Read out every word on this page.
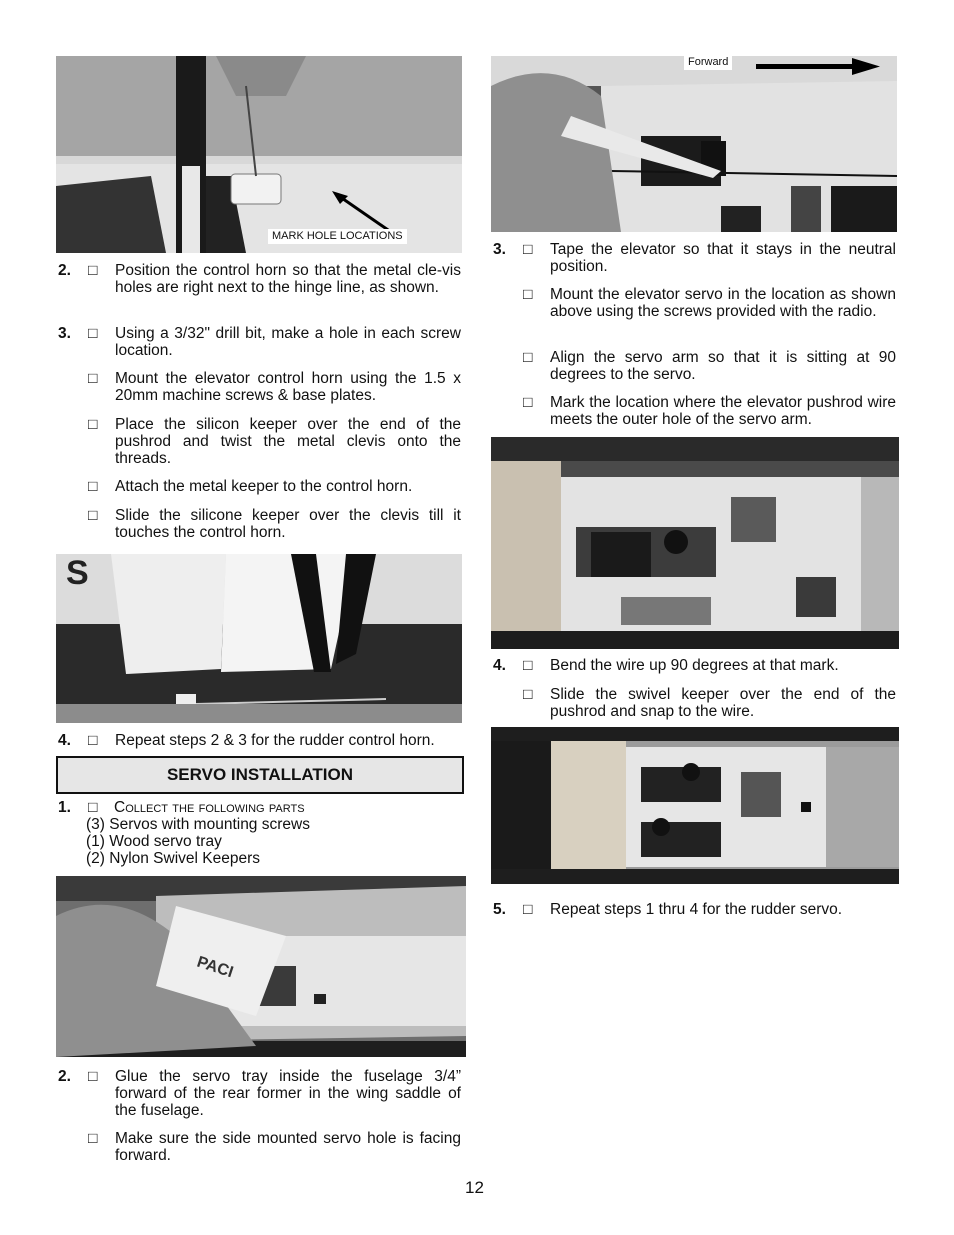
MARK HOLE LOCATIONS
2. □ Position the control horn so that the metal cle-vis holes are right next to the hinge line, as shown.
3. □ Using a 3/32" drill bit, make a hole in each screw location.
□ Mount the elevator control horn using the 1.5 x 20mm machine screws & base plates.
□ Place the silicon keeper over the end of the pushrod and twist the metal clevis onto the threads.
□ Attach the metal keeper to the control horn.
□ Slide the silicone keeper over the clevis till it touches the control horn.
S
4. □ Repeat steps 2 & 3 for the rudder control horn.
SERVO INSTALLATION
1. □ Collect the following parts
(3) Servos with mounting screws
(1) Wood servo tray
(2) Nylon Swivel Keepers
PACI
2. □ Glue the servo tray inside the fuselage 3/4” forward of the rear former in the wing saddle of the fuselage.
□ Make sure the side mounted servo hole is facing forward.
Forward
3. □ Tape the elevator so that it stays in the neutral position.
□ Mount the elevator servo in the location as shown above using the screws provided with the radio.
□ Align the servo arm so that it is sitting at 90 degrees to the servo.
□ Mark the location where the elevator pushrod wire meets the outer hole of the servo arm.
4. □ Bend the wire up 90 degrees at that mark.
□ Slide the swivel keeper over the end of the pushrod and snap to the wire.
5. □ Repeat steps 1 thru 4 for the rudder servo.
12
